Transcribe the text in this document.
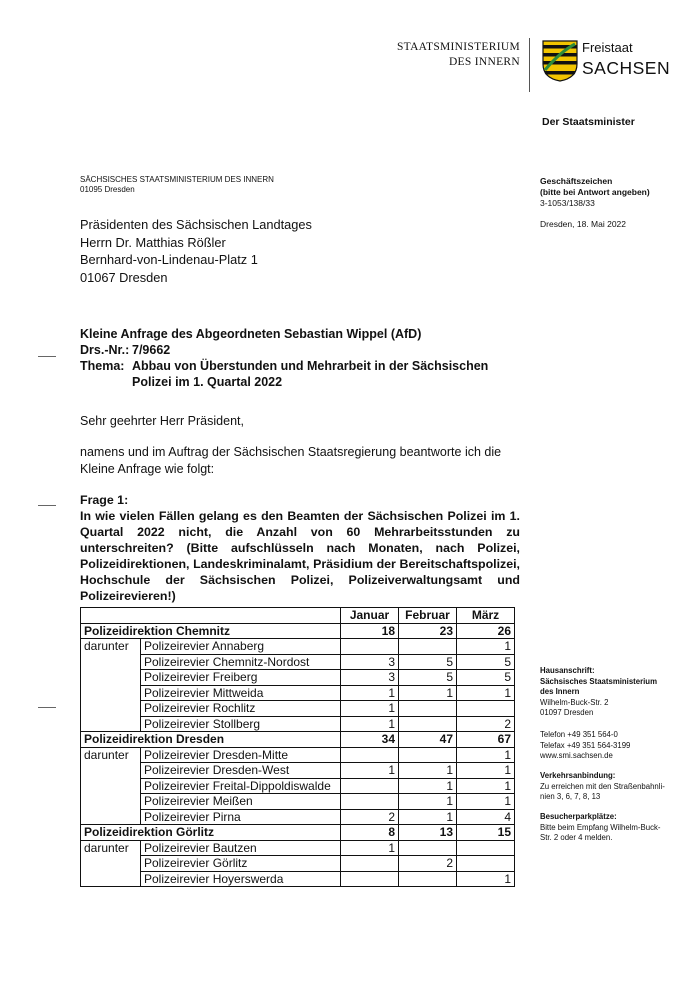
STAATSMINISTERIUM
DES INNERN
Freistaat
SACHSEN
Der Staatsminister
SÄCHSISCHES STAATSMINISTERIUM DES INNERN
01095 Dresden
Geschäftszeichen
(bitte bei Antwort angeben)
3-1053/138/33
Dresden, 18. Mai 2022
Präsidenten des Sächsischen Landtages
Herrn Dr. Matthias Rößler
Bernhard-von-Lindenau-Platz 1
01067 Dresden
Kleine Anfrage des Abgeordneten Sebastian Wippel (AfD)
Drs.-Nr.: 7/9662
Thema: Abbau von Überstunden und Mehrarbeit in der Sächsischen
Polizei im 1. Quartal 2022
Sehr geehrter Herr Präsident,
namens und im Auftrag der Sächsischen Staatsregierung beantworte ich die Kleine Anfrage wie folgt:
Frage 1:
In wie vielen Fällen gelang es den Beamten der Sächsischen Polizei im 1. Quartal 2022 nicht, die Anzahl von 60 Mehrarbeitsstunden zu unterschreiten? (Bitte aufschlüsseln nach Monaten, nach Polizei, Polizeidirektionen, Landeskriminalamt, Präsidium der Bereitschaftspolizei, Hochschule der Sächsischen Polizei, Polizeiverwaltungsamt und Polizeirevieren!)
		Januar	Februar	März
Polizeidirektion Chemnitz		18	23	26
darunter	Polizeirevier Annaberg			1
	Polizeirevier Chemnitz-Nordost	3	5	5
	Polizeirevier Freiberg	3	5	5
	Polizeirevier Mittweida	1	1	1
	Polizeirevier Rochlitz	1		
	Polizeirevier Stollberg	1		2
Polizeidirektion Dresden		34	47	67
darunter	Polizeirevier Dresden-Mitte			1
	Polizeirevier Dresden-West	1	1	1
	Polizeirevier Freital-Dippoldiswalde		1	1
	Polizeirevier Meißen		1	1
	Polizeirevier Pirna	2	1	4
Polizeidirektion Görlitz		8	13	15
darunter	Polizeirevier Bautzen	1		
	Polizeirevier Görlitz		2	
	Polizeirevier Hoyerswerda			1
Hausanschrift:
Sächsisches Staatsministerium
des Innern
Wilhelm-Buck-Str. 2
01097 Dresden
Telefon +49 351 564-0
Telefax +49 351 564-3199
www.smi.sachsen.de
Verkehrsanbindung:
Zu erreichen mit den Straßenbahnli-
nien 3, 6, 7, 8, 13
Besucherparkplätze:
Bitte beim Empfang Wilhelm-Buck-
Str. 2 oder 4 melden.
